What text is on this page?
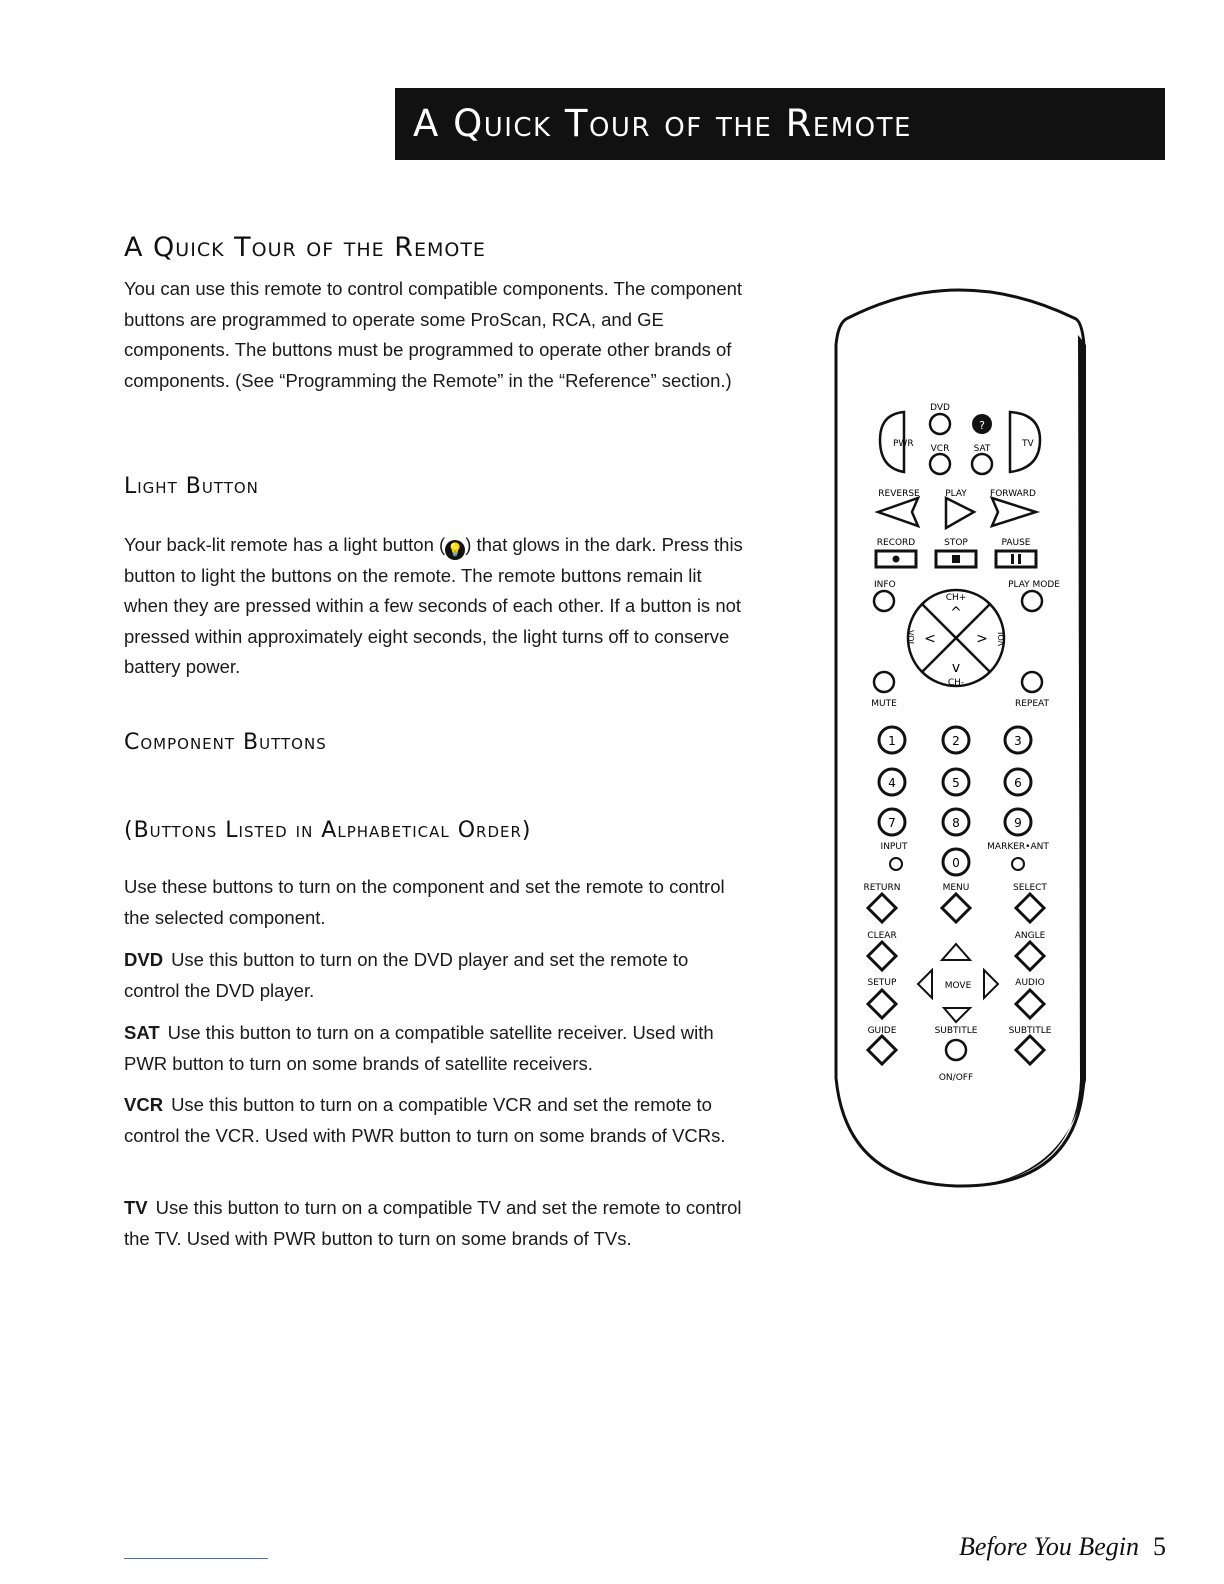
A Quick Tour of the Remote
A Quick Tour of the Remote
You can use this remote to control compatible components. The component buttons are programmed to operate some ProScan, RCA, and GE components. The buttons must be programmed to operate other brands of components. (See “Programming the Remote” in the “Reference” section.)
Light Button
Your back-lit remote has a light button ( 💡 ) that glows in the dark. Press this button to light the buttons on the remote. The remote buttons remain lit when they are pressed within a few seconds of each other. If a button is not pressed within approximately eight seconds, the light turns off to conserve battery power.
Component Buttons
(Buttons Listed in Alphabetical Order)
Use these buttons to turn on the component and set the remote to control the selected component.
DVD Use this button to turn on the DVD player and set the remote to control the DVD player.
SAT Use this button to turn on a compatible satellite receiver. Used with PWR button to turn on some brands of satellite receivers.
VCR Use this button to turn on a compatible VCR and set the remote to control the VCR. Used with PWR button to turn on some brands of VCRs.
TV Use this button to turn on a compatible TV and set the remote to control the TV. Used with PWR button to turn on some brands of TVs.
DVD
?
PWR VCR	SAT	TV
REVERSE	PLAY	FORWARD
RECORD	STOP	PAUSE
INFO	PLAY MODE
CH+
CH-
VOL	VOL
^
<	>
v
MUTE	REPEAT
1	2	3
4	5	6
7	8	9
0
INPUT	MARKER•ANT
RETURN	MENU	SELECT
CLEAR	ANGLE
SETUP	AUDIO
MOVE
GUIDE	SUBTITLE	SUBTITLE
ON/OFF
Before You Begin 5
